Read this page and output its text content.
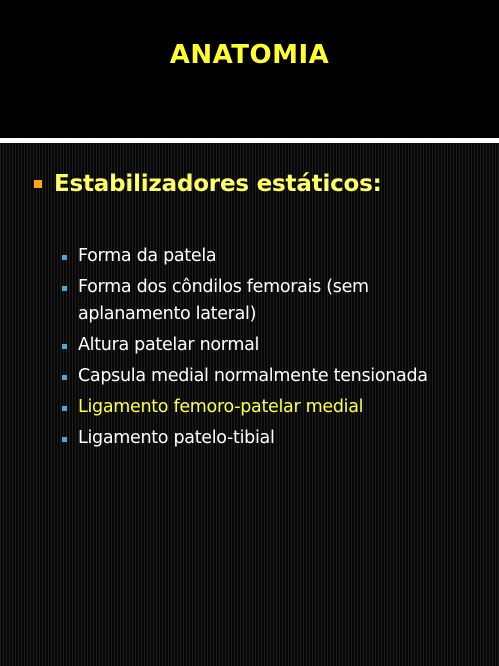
ANATOMIA
Estabilizadores estáticos:
Forma da patela
Forma dos côndilos femorais (sem aplanamento lateral)
Altura patelar normal
Capsula medial normalmente tensionada
Ligamento femoro-patelar medial
Ligamento patelo-tibial
